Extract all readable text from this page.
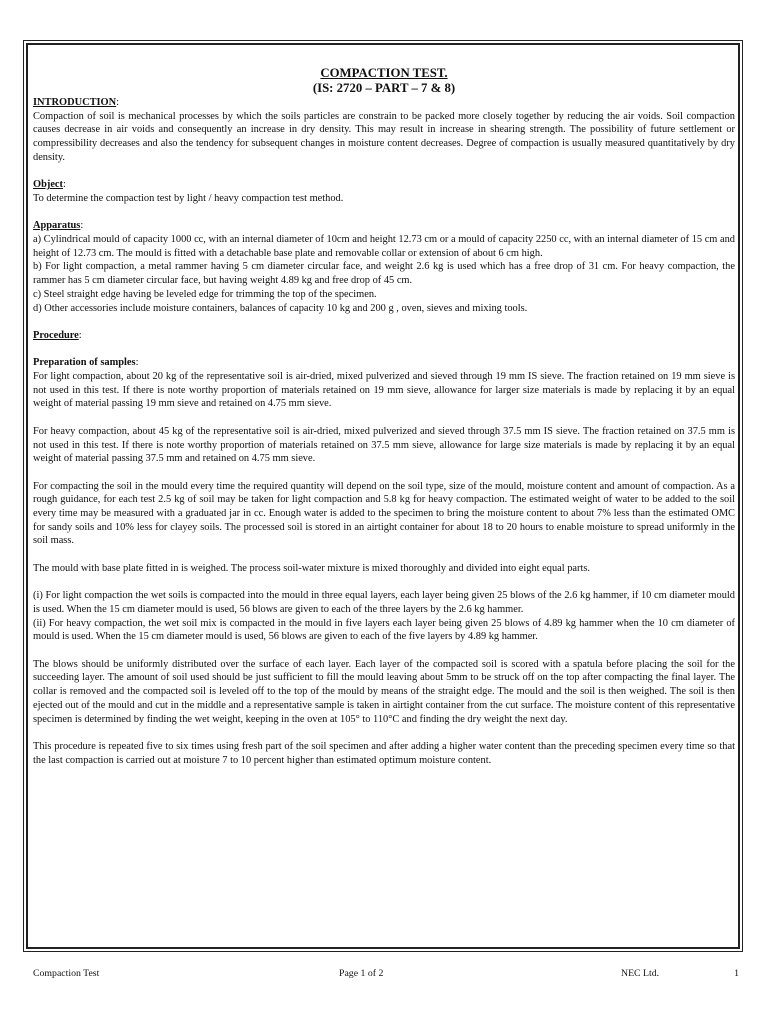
COMPACTION TEST.

(IS: 2720 – PART – 7 & 8)

INTRODUCTION:

Compaction of soil is mechanical processes by which the soils particles are constrain to be packed more closely together by reducing the air voids. Soil compaction causes decrease in air voids and consequently an increase in dry density. This may result in increase in shearing strength. The possibility of future settlement or compressibility decreases and also the tendency for subsequent changes in moisture content decreases. Degree of compaction is usually measured quantitatively by dry density.

Object:

To determine the compaction test by light / heavy compaction test method.

Apparatus:

a) Cylindrical mould of capacity 1000 cc, with an internal diameter of 10cm and height 12.73 cm or a mould of capacity 2250 cc, with an internal diameter of 15 cm and height of 12.73 cm. The mould is fitted with a detachable base plate and removable collar or extension of about 6 cm high.

b) For light compaction, a metal rammer having 5 cm diameter circular face, and weight 2.6 kg is used which has a free drop of 31 cm. For heavy compaction, the rammer has 5 cm diameter circular face, but having weight 4.89 kg and free drop of 45 cm.

c) Steel straight edge having be leveled edge for trimming the top of the specimen.

d) Other accessories include moisture containers, balances of capacity 10 kg and 200 g , oven, sieves and mixing tools.

Procedure:

Preparation of samples:

For light compaction, about 20 kg of the representative soil is air-dried, mixed pulverized and sieved through 19 mm IS sieve. The fraction retained on 19 mm sieve is not used in this test. If there is note worthy proportion of materials retained on 19 mm sieve, allowance for larger size materials is made by replacing it by an equal weight of material passing 19 mm sieve and retained on 4.75 mm sieve.

For heavy compaction, about 45 kg of the representative soil is air-dried, mixed pulverized and sieved through 37.5 mm IS sieve. The fraction retained on 37.5 mm is not used in this test. If there is note worthy proportion of materials retained on 37.5 mm sieve, allowance for large size materials is made by replacing it by an equal weight of material passing 37.5 mm and retained on 4.75 mm sieve.

For compacting the soil in the mould every time the required quantity will depend on the soil type, size of the mould, moisture content and amount of compaction. As a rough guidance, for each test 2.5 kg of soil may be taken for light compaction and 5.8 kg for heavy compaction. The estimated weight of water to be added to the soil every time may be measured with a graduated jar in cc. Enough water is added to the specimen to bring the moisture content to about 7% less than the estimated OMC for sandy soils and 10% less for clayey soils. The processed soil is stored in an airtight container for about 18 to 20 hours to enable moisture to spread uniformly in the soil mass.

The mould with base plate fitted in is weighed. The process soil-water mixture is mixed thoroughly and divided into eight equal parts.

(i) For light compaction the wet soils is compacted into the mould in three equal layers, each layer being given 25 blows of the 2.6 kg hammer, if 10 cm diameter mould is used. When the 15 cm diameter mould is used, 56 blows are given to each of the three layers by the 2.6 kg hammer.

(ii) For heavy compaction, the wet soil mix is compacted in the mould in five layers each layer being given 25 blows of 4.89 kg hammer when the 10 cm diameter of mould is used. When the 15 cm diameter mould is used, 56 blows are given to each of the five layers by 4.89 kg hammer.

The blows should be uniformly distributed over the surface of each layer. Each layer of the compacted soil is scored with a spatula before placing the soil for the succeeding layer. The amount of soil used should be just sufficient to fill the mould leaving about 5mm to be struck off on the top after compacting the final layer. The collar is removed and the compacted soil is leveled off to the top of the mould by means of the straight edge. The mould and the soil is then weighed. The soil is then ejected out of the mould and cut in the middle and a representative sample is taken in airtight container from the cut surface. The moisture content of this representative specimen is determined by finding the wet weight, keeping in the oven at 105° to 110°C and finding the dry weight the next day.

This procedure is repeated five to six times using fresh part of the soil specimen and after adding a higher water content than the preceding specimen every time so that the last compaction is carried out at moisture 7 to 10 percent higher than estimated optimum moisture content.

Compaction Test	Page 1 of 2	NEC Ltd.	1
